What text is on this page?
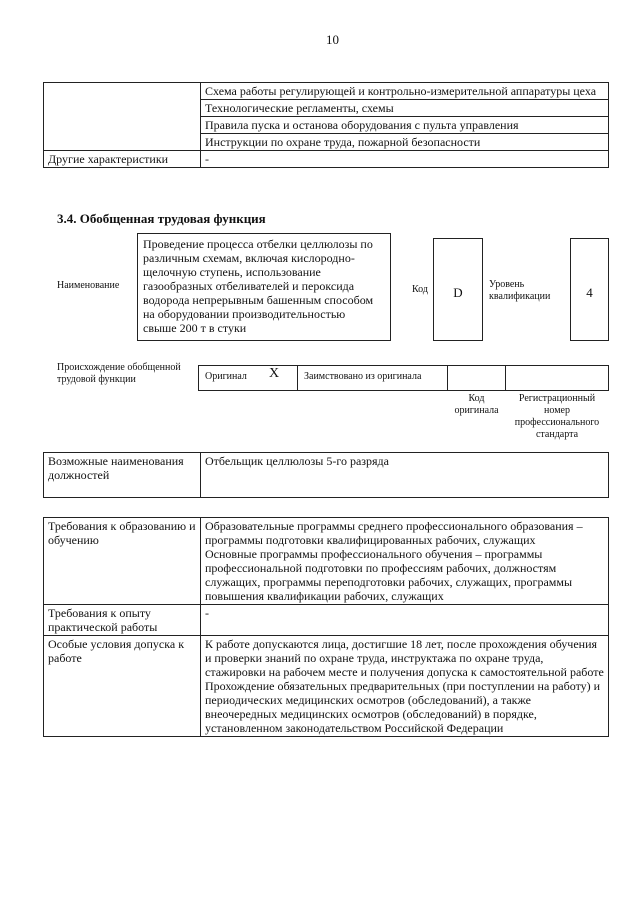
10
	Схема работы регулирующей и контрольно-измерительной аппаратуры цеха
	Технологические регламенты, схемы
	Правила пуска и останова оборудования с пульта управления
	Инструкции по охране труда, пожарной безопасности
Другие характеристики	-
3.4. Обобщенная трудовая функция
Наименование
Проведение процесса отбелки целлюлозы по
различным схемам, включая кислородно-
щелочную ступень, использование
газообразных отбеливателей и пероксида
водорода непрерывным башенным способом
на оборудовании производительностью
свыше 200 т в стуки
Код	D
Уровень квалификации	4
Происхождение обобщенной трудовой функции	Оригинал X	Заимствовано из оригинала
Код оригинала
Регистрационный номер профессионального стандарта
Возможные наименования должностей	Отбельщик целлюлозы 5-го разряда
Требования к образованию и обучению	Образовательные программы среднего профессионального образования – программы подготовки квалифицированных рабочих, служащих
Основные программы профессионального обучения – программы профессиональной подготовки по профессиям рабочих, должностям служащих, программы переподготовки рабочих, служащих, программы повышения квалификации рабочих, служащих
Требования к опыту практической работы	-
Особые условия допуска к работе	К работе допускаются лица, достигшие 18 лет, после прохождения обучения и проверки знаний по охране труда, инструктажа по охране труда, стажировки на рабочем месте и получения допуска к самостоятельной работе
Прохождение обязательных предварительных (при поступлении на работу) и периодических медицинских осмотров (обследований), а также внеочередных медицинских осмотров (обследований) в порядке, установленном законодательством Российской Федерации
